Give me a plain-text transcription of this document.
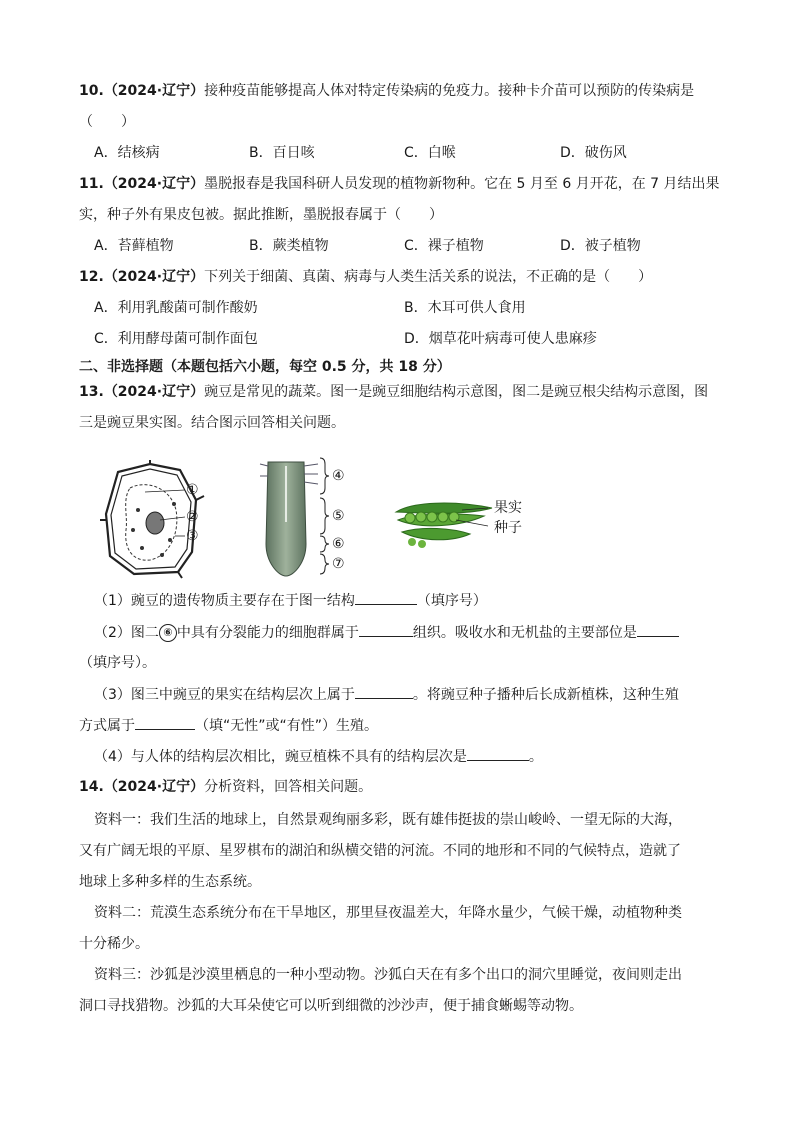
10.（2024·辽宁）接种疫苗能够提高人体对特定传染病的免疫力。接种卡介苗可以预防的传染病是
（　　）
A．结核病	B．百日咳	C．白喉	D．破伤风
11.（2024·辽宁）墨脱报春是我国科研人员发现的植物新物种。它在 5 月至 6 月开花，在 7 月结出果
实，种子外有果皮包被。据此推断，墨脱报春属于（　　）
A．苔藓植物	B．蕨类植物	C．裸子植物	D．被子植物
12.（2024·辽宁）下列关于细菌、真菌、病毒与人类生活关系的说法，不正确的是（　　）
A．利用乳酸菌可制作酸奶	B．木耳可供人食用
C．利用酵母菌可制作面包	D．烟草花叶病毒可使人患麻疹
二、非选择题（本题包括六小题，每空 0.5 分，共 18 分）
13.（2024·辽宁）豌豆是常见的蔬菜。图一是豌豆细胞结构示意图，图二是豌豆根尖结构示意图，图
三是豌豆果实图。结合图示回答相关问题。
①
②
③
④
⑤
⑥
⑦
果实
种子
（1）豌豆的遗传物质主要存在于图一结构	（填序号）
（2）图二 ⑥ 中具有分裂能力的细胞群属于	组织。吸收水和无机盐的主要部位是
（填序号）。
（3）图三中豌豆的果实在结构层次上属于	。将豌豆种子播种后长成新植株，这种生殖
方式属于	（填“无性”或“有性”）生殖。
（4）与人体的结构层次相比，豌豆植株不具有的结构层次是	。
14.（2024·辽宁）分析资料，回答相关问题。
资料一：我们生活的地球上，自然景观绚丽多彩，既有雄伟挺拔的崇山峻岭、一望无际的大海，
又有广阔无垠的平原、星罗棋布的湖泊和纵横交错的河流。不同的地形和不同的气候特点，造就了
地球上多种多样的生态系统。
资料二：荒漠生态系统分布在干旱地区，那里昼夜温差大，年降水量少，气候干燥，动植物种类
十分稀少。
资料三：沙狐是沙漠里栖息的一种小型动物。沙狐白天在有多个出口的洞穴里睡觉，夜间则走出
洞口寻找猎物。沙狐的大耳朵使它可以听到细微的沙沙声，便于捕食蜥蜴等动物。
